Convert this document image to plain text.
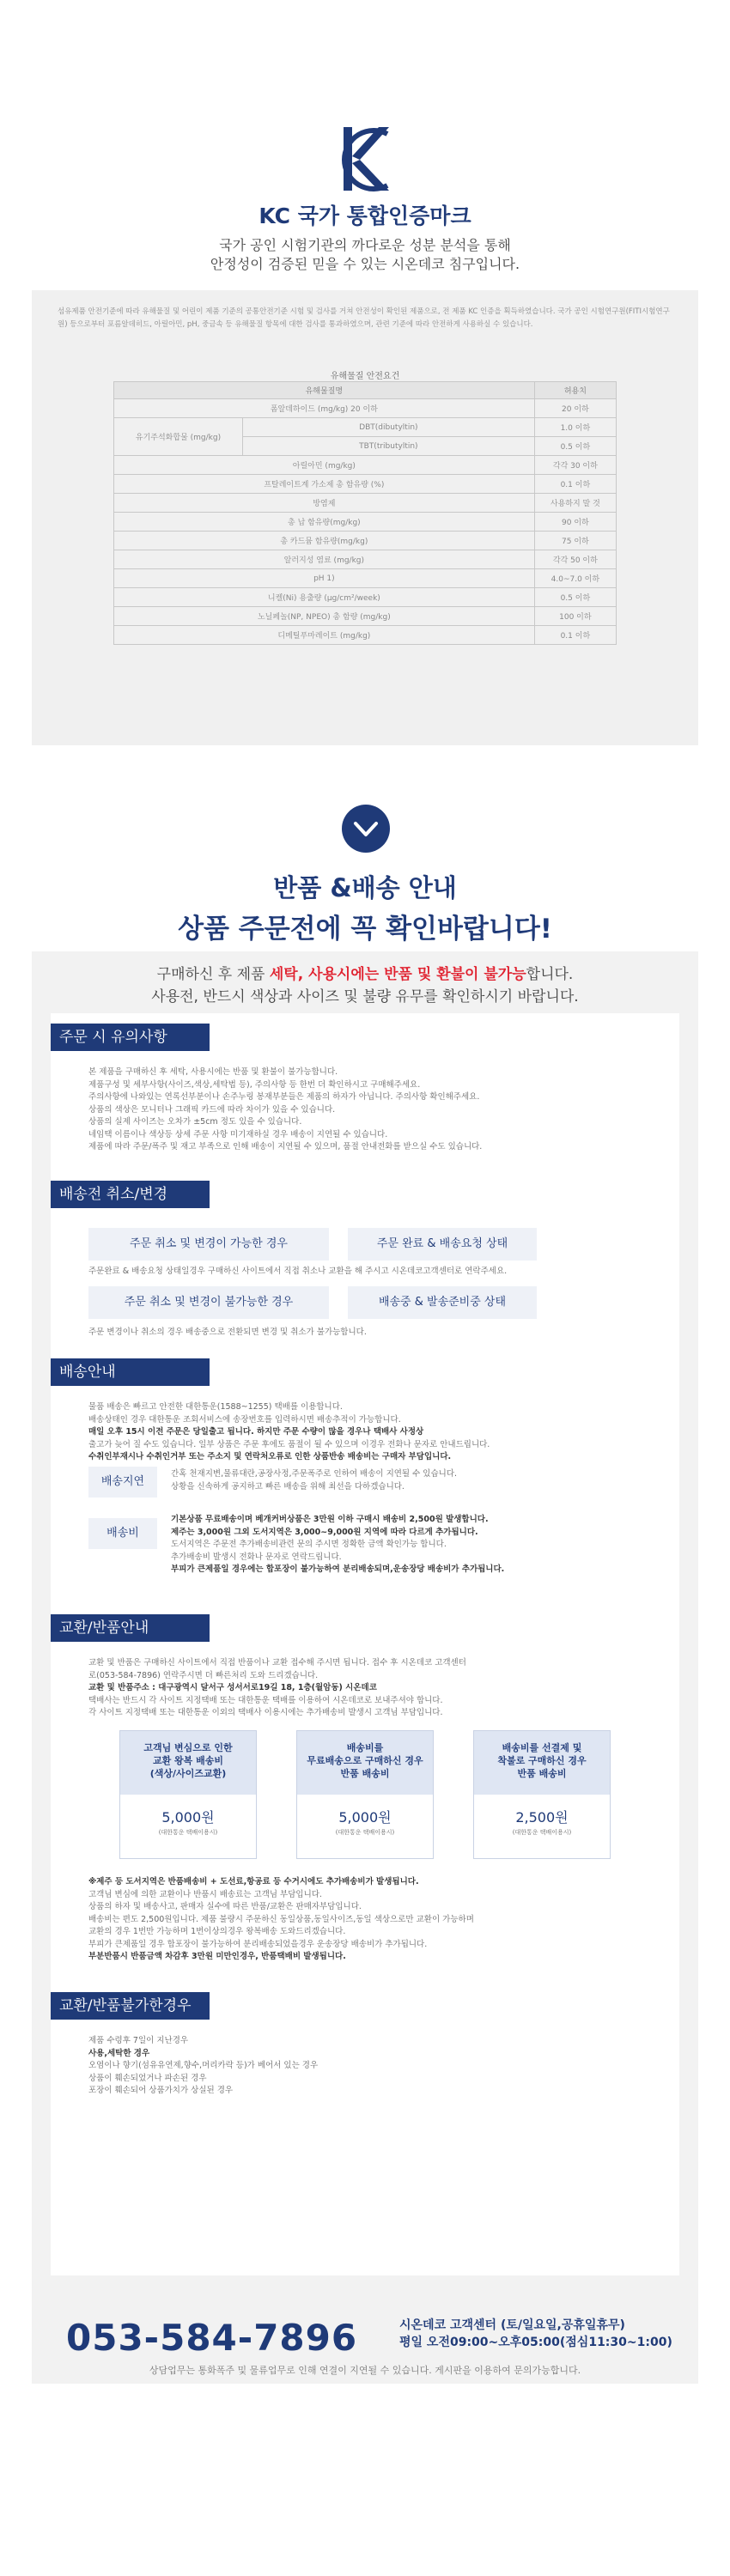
KC 국가 통합인증마크
국가 공인 시험기관의 까다로운 성분 분석을 통해
안정성이 검증된 믿을 수 있는 시온데코 침구입니다.
섬유제품 안전기준에 따라 유해물질 및 어린이 제품 기준의 공통안전기준 시험 및 검사를 거쳐 안전성이 확인된 제품으로, 전 제품 KC 인증을 획득하였습니다. 국가 공인 시험연구원(FITI시험연구원) 등으로부터 포름알데히드, 아릴아민, pH, 중금속 등 유해물질 항목에 대한 검사를 통과하였으며, 관련 기준에 따라 안전하게 사용하실 수 있습니다.
유해물질 안전요건
유해물질명		허용치
폼알데하이드 (mg/kg) 20 이하		20 이하
유기주석화합물 (mg/kg)	DBT(dibutyltin)	1.0 이하
	TBT(tributyltin)	0.5 이하
아릴아민 (mg/kg)		각각 30 이하
프탈레이트계 가소제 총 함유량 (%)		0.1 이하
방염제		사용하지 말 것
총 납 함유량(mg/kg)		90 이하
총 카드뮴 함유량(mg/kg)		75 이하
알러지성 염료 (mg/kg)		각각 50 이하
pH 1)		4.0~7.0 이하
니켈(Ni) 용출량 (μg/cm²/week)		0.5 이하
노닐페놀(NP, NPEO) 총 함량 (mg/kg)		100 이하
디메틸푸마레이트 (mg/kg)		0.1 이하
반품 &배송 안내
상품 주문전에 꼭 확인바랍니다!
구매하신 후 제품 세탁, 사용시에는 반품 및 환불이 불가능합니다.
사용전, 반드시 색상과 사이즈 및 불량 유무를 확인하시기 바랍니다.
주문 시 유의사항
본 제품을 구매하신 후 세탁, 사용시에는 반품 및 환불이 불가능합니다.
제품구성 및 세부사항(사이즈,색상,세탁법 등), 주의사항 등 한번 더 확인하시고 구매해주세요.
주의사항에 나와있는 연록선부분이나 손주누링 봉재부분들은 제품의 하자가 아닙니다. 주의사항 확인해주세요.
상품의 색상은 모니터나 그래픽 카드에 따라 차이가 있을 수 있습니다.
상품의 실제 사이즈는 오차가 ±5cm 정도 있을 수 있습니다.
네임택 이름이나 색상등 상세 주문 사항 미기재하실 경우 배송이 지연될 수 있습니다.
제품에 따라 주문/폭주 및 재고 부족으로 인해 배송이 지연될 수 있으며, 품절 안내전화를 받으실 수도 있습니다.
배송전 취소/변경
주문 취소 및 변경이 가능한 경우	주문 완료 & 배송요청 상태
주문완료 & 배송요청 상태일경우 구매하신 사이트에서 직접 취소나 교환을 해 주시고 시온데코고객센터로 연락주세요.
주문 취소 및 변경이 불가능한 경우	배송중 & 발송준비중 상태
주문 변경이나 취소의 경우 배송중으로 전환되면 변경 및 취소가 불가능합니다.
배송안내
물품 배송은 빠르고 안전한 대한통운(1588~1255) 택배를 이용합니다.
배송상태인 경우 대한통운 조회서비스에 송장번호를 입력하시면 배송추적이 가능합니다.
매일 오후 15시 이전 주문은 당일출고 됩니다. 하지만 주문 수량이 많을 경우나 택배사 사정상
출고가 늦어 질 수도 있습니다. 일부 상품은 주문 후에도 품절이 될 수 있으며 이경우 전화나 문자로 안내드립니다.
수취인부재시나 수취인거부 또는 주소지 및 연락처오류로 인한 상품반송 배송비는 구매자 부담입니다.
배송지연
간혹 천재지변,물류대란,공장사정,주문폭주로 인하여 배송이 지연될 수 있습니다.
상황을 신속하게 공지하고 빠른 배송을 위해 최선을 다하겠습니다.
배송비
기본상품 무료배송이며 베개커버상품은 3만원 이하 구매시 배송비 2,500원 발생합니다.
제주는 3,000원 그외 도서지역은 3,000~9,000원 지역에 따라 다르게 추가됩니다.
도서지역은 주문전 추가배송비관련 문의 주시면 정확한 금액 확인가능 합니다.
추가배송비 발생시 전화나 문자로 연락드립니다.
부피가 큰제품일 경우에는 합포장이 불가능하여 분리배송되며,운송장당 배송비가 추가됩니다.
교환/반품안내
교환 및 반품은 구매하신 사이트에서 직접 반품이나 교환 접수해 주시면 됩니다. 접수 후 시온데코 고객센터
로(053-584-7896) 연락주시면 더 빠른처리 도와 드리겠습니다.
교환 및 반품주소 : 대구광역시 달서구 성서서로19길 18, 1층(월암동) 시온데코
택배사는 반드시 각 사이트 지정택배 또는 대한통운 택배를 이용하여 시온데코로 보내주셔야 합니다.
각 사이트 지정택배 또는 대한통운 이외의 택배사 이용시에는 추가배송비 발생시 고객님 부담입니다.
고객님 변심으로 인한
교환 왕복 배송비
(색상/사이즈교환)
5,000원
(대한통운 택배이용시)
배송비를
무료배송으로 구매하신 경우
반품 배송비
5,000원
(대한통운 택배이용시)
배송비를 선결제 및
착불로 구매하신 경우
반품 배송비
2,500원
(대한통운 택배이용시)
※제주 등 도서지역은 반품배송비 + 도선료,항공료 등 수거시에도 추가배송비가 발생됩니다.
고객님 변심에 의한 교환이나 반품시 배송료는 고객님 부담입니다.
상품의 하자 및 배송사고, 판매자 실수에 따른 반품/교환은 판매자부담입니다.
배송비는 편도 2,500원입니다. 제품 불량시 주문하신 동일상품,동일사이즈,동일 색상으로만 교환이 가능하며
교환의 경우 1번만 가능하며 1번이상의경우 왕복배송 도와드리겠습니다.
부피가 큰제품일 경우 합포장이 불가능하여 분리배송되었을경우 운송장당 배송비가 추가됩니다.
부분반품시 반품금액 차감후 3만원 미만인경우, 반품택배비 발생됩니다.
교환/반품불가한경우
제품 수령후 7일이 지난경우
사용,세탁한 경우
오염이나 향기(섬유유연제,향수,머리카락 등)가 베어서 있는 경우
상품이 훼손되었거나 파손된 경우
포장이 훼손되어 상품가치가 상실된 경우
053-584-7896	시온데코 고객센터 (토/일요일,공휴일휴무)
평일 오전09:00~오후05:00(점심11:30~1:00)
상담업무는 통화폭주 및 물류업무로 인해 연결이 지연될 수 있습니다. 게시판을 이용하여 문의가능합니다.
